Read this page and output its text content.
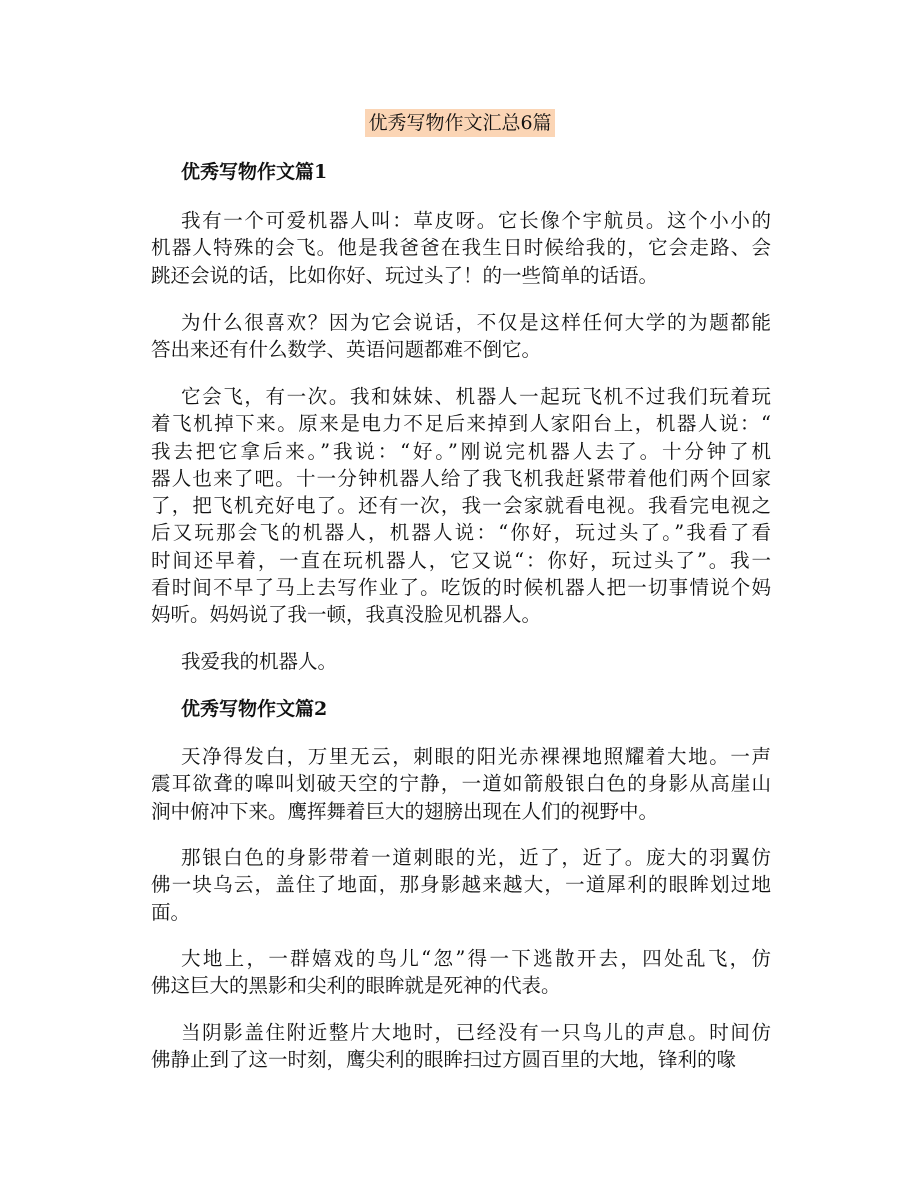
优秀写物作文汇总6篇
优秀写物作文篇1
我有一个可爱机器人叫：草皮呀。它长像个宇航员。这个小小的
机器人特殊的会飞。他是我爸爸在我生日时候给我的，它会走路、会
跳还会说的话，比如你好、玩过头了！的一些简单的话语。
为什么很喜欢？因为它会说话，不仅是这样任何大学的为题都能
答出来还有什么数学、英语问题都难不倒它。
它会飞，有一次。我和妹妹、机器人一起玩飞机不过我们玩着玩
着飞机掉下来。原来是电力不足后来掉到人家阳台上，机器人说：“
我去把它拿后来。”我说：“好。”刚说完机器人去了。十分钟了机
器人也来了吧。十一分钟机器人给了我飞机我赶紧带着他们两个回家
了，把飞机充好电了。还有一次，我一会家就看电视。我看完电视之
后又玩那会飞的机器人，机器人说：“你好，玩过头了。”我看了看
时间还早着，一直在玩机器人，它又说“：你好，玩过头了”。我一
看时间不早了马上去写作业了。吃饭的时候机器人把一切事情说个妈
妈听。妈妈说了我一顿，我真没脸见机器人。
我爱我的机器人。
优秀写物作文篇2
天净得发白，万里无云，刺眼的阳光赤裸裸地照耀着大地。一声
震耳欲聋的嗥叫划破天空的宁静，一道如箭般银白色的身影从高崖山
涧中俯冲下来。鹰挥舞着巨大的翅膀出现在人们的视野中。
那银白色的身影带着一道刺眼的光，近了，近了。庞大的羽翼仿
佛一块乌云，盖住了地面，那身影越来越大，一道犀利的眼眸划过地
面。
大地上，一群嬉戏的鸟儿“忽”得一下逃散开去，四处乱飞，仿
佛这巨大的黑影和尖利的眼眸就是死神的代表。
当阴影盖住附近整片大地时，已经没有一只鸟儿的声息。时间仿
佛静止到了这一时刻，鹰尖利的眼眸扫过方圆百里的大地，锋利的喙
